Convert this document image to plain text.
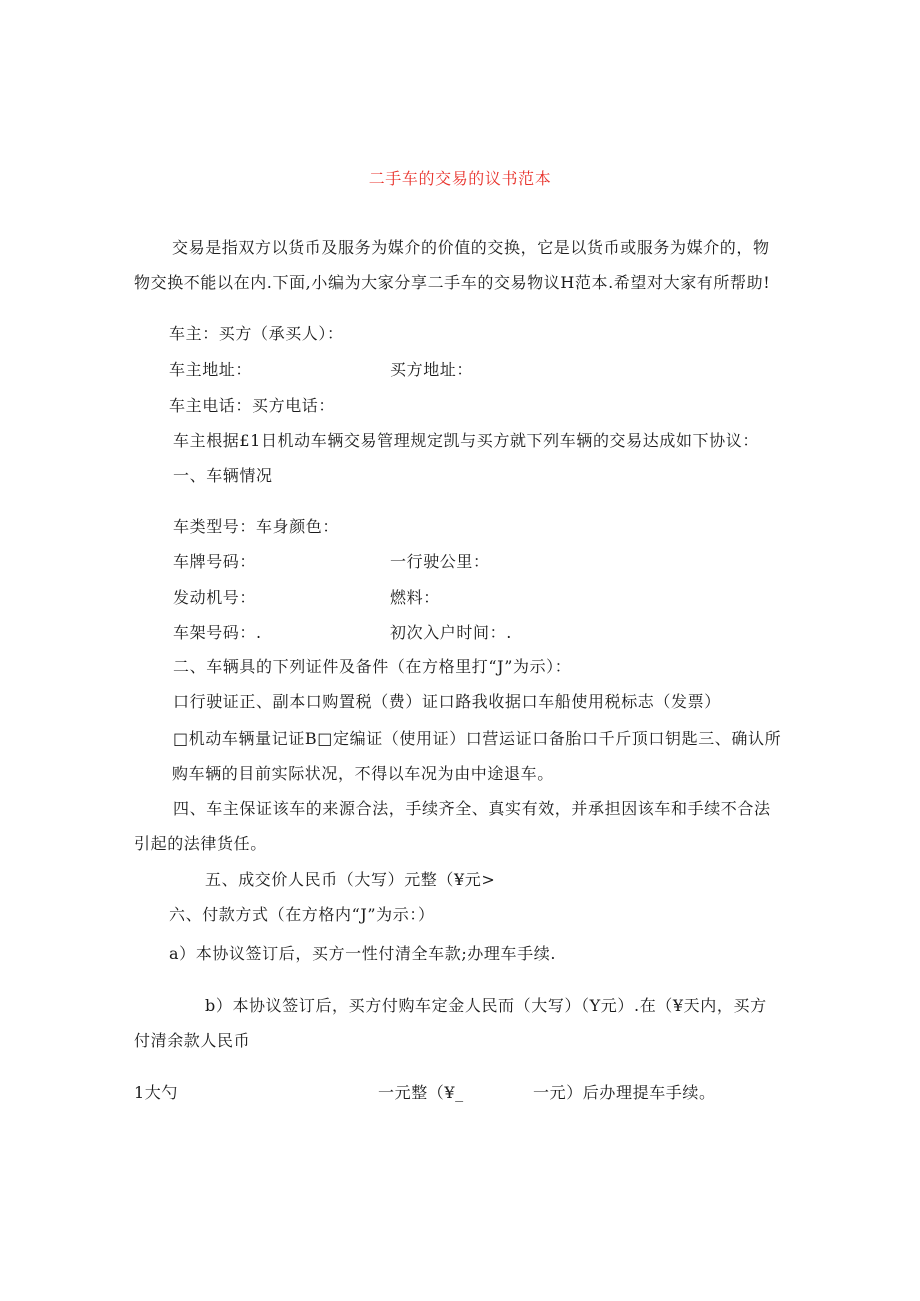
二手车的交易的议书范本
交易是指双方以货币及服务为媒介的价值的交换，它是以货币或服务为媒介的，物
物交换不能以在内.下面,小编为大家分享二手车的交易物议H范本.希望对大家有所帮助!
车主：买方（承买人）：
车主地址：	买方地址：
车主电话：买方电话：
车主根据£1日机动车辆交易管理规定凯与买方就下列车辆的交易达成如下协议：
一、车辆情况
车类型号：车身颜色：
车牌号码：	一行驶公里：
发动机号：	燃料：
车架号码：.	初次入户时间：.
二、车辆具的下列证件及备件（在方格里打“J”为示）：
口行驶证正、副本口购置税（费）证口路我收据口车船使用税标志（发票）
□机动车辆量记证B□定编证（使用证）口营运证口备胎口千斤顶口钥匙三、确认所
购车辆的目前实际状况，不得以车况为由中途退车。
四、车主保证该车的来源合法，手续齐全、真实有效，并承担因该车和手续不合法
引起的法律货任。
五、成交价人民币（大写）元整（¥元>
六、付款方式（在方格内“J”为示：）
a）本协议签订后，买方一性付清全车款;办理车手续.
b）本协议签订后，买方付购车定金人民而（大写）（Y元）.在（¥天内，买方
付清余款人民币
1大勺	一元整（¥_	一元）后办理提车手续。
